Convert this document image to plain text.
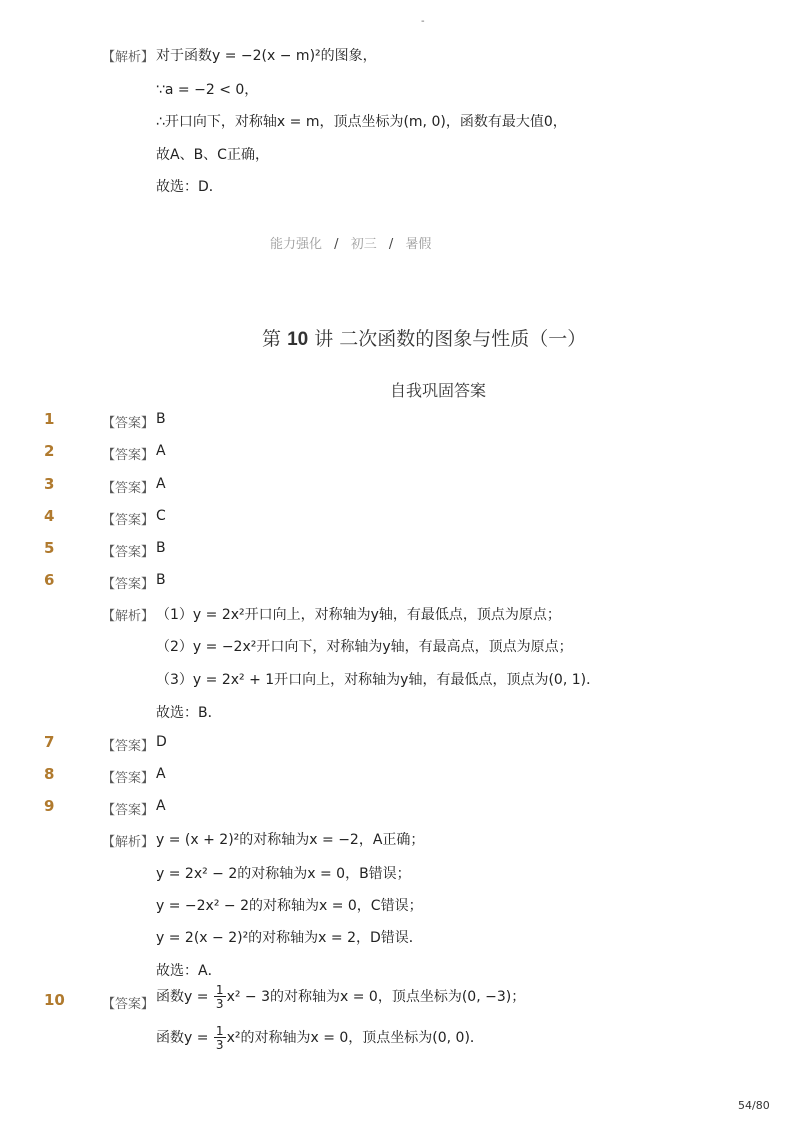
-
【解析】 对于函数y = −2(x − m)²的图象，
∵a = −2 < 0，
∴开口向下，对称轴x = m，顶点坐标为(m, 0)，函数有最大值0，
故A、B、C正确，
故选：D．
能力强化 / 初三 / 暑假
第 10 讲 二次函数的图象与性质（一）
自我巩固答案
1	【答案】 B
2	【答案】 A
3	【答案】 A
4	【答案】 C
5	【答案】 B
6	【答案】 B
【解析】 （1）y = 2x²开口向上，对称轴为y轴，有最低点，顶点为原点；
（2）y = −2x²开口向下，对称轴为y轴，有最高点，顶点为原点；
（3）y = 2x² + 1开口向上，对称轴为y轴，有最低点，顶点为(0, 1)．
故选：B．
7	【答案】 D
8	【答案】 A
9	【答案】 A
【解析】 y = (x + 2)²的对称轴为x = −2，A正确；
y = 2x² − 2的对称轴为x = 0，B错误；
y = −2x² − 2的对称轴为x = 0，C错误；
y = 2(x − 2)²的对称轴为x = 2，D错误．
故选：A．
10	【答案】 函数$y = \frac{1}{3} x^2 - 3$的对称轴为x = 0，顶点坐标为(0, −3)；
函数$y = \frac{1}{3} x^2$的对称轴为x = 0，顶点坐标为(0, 0)．
54/80
